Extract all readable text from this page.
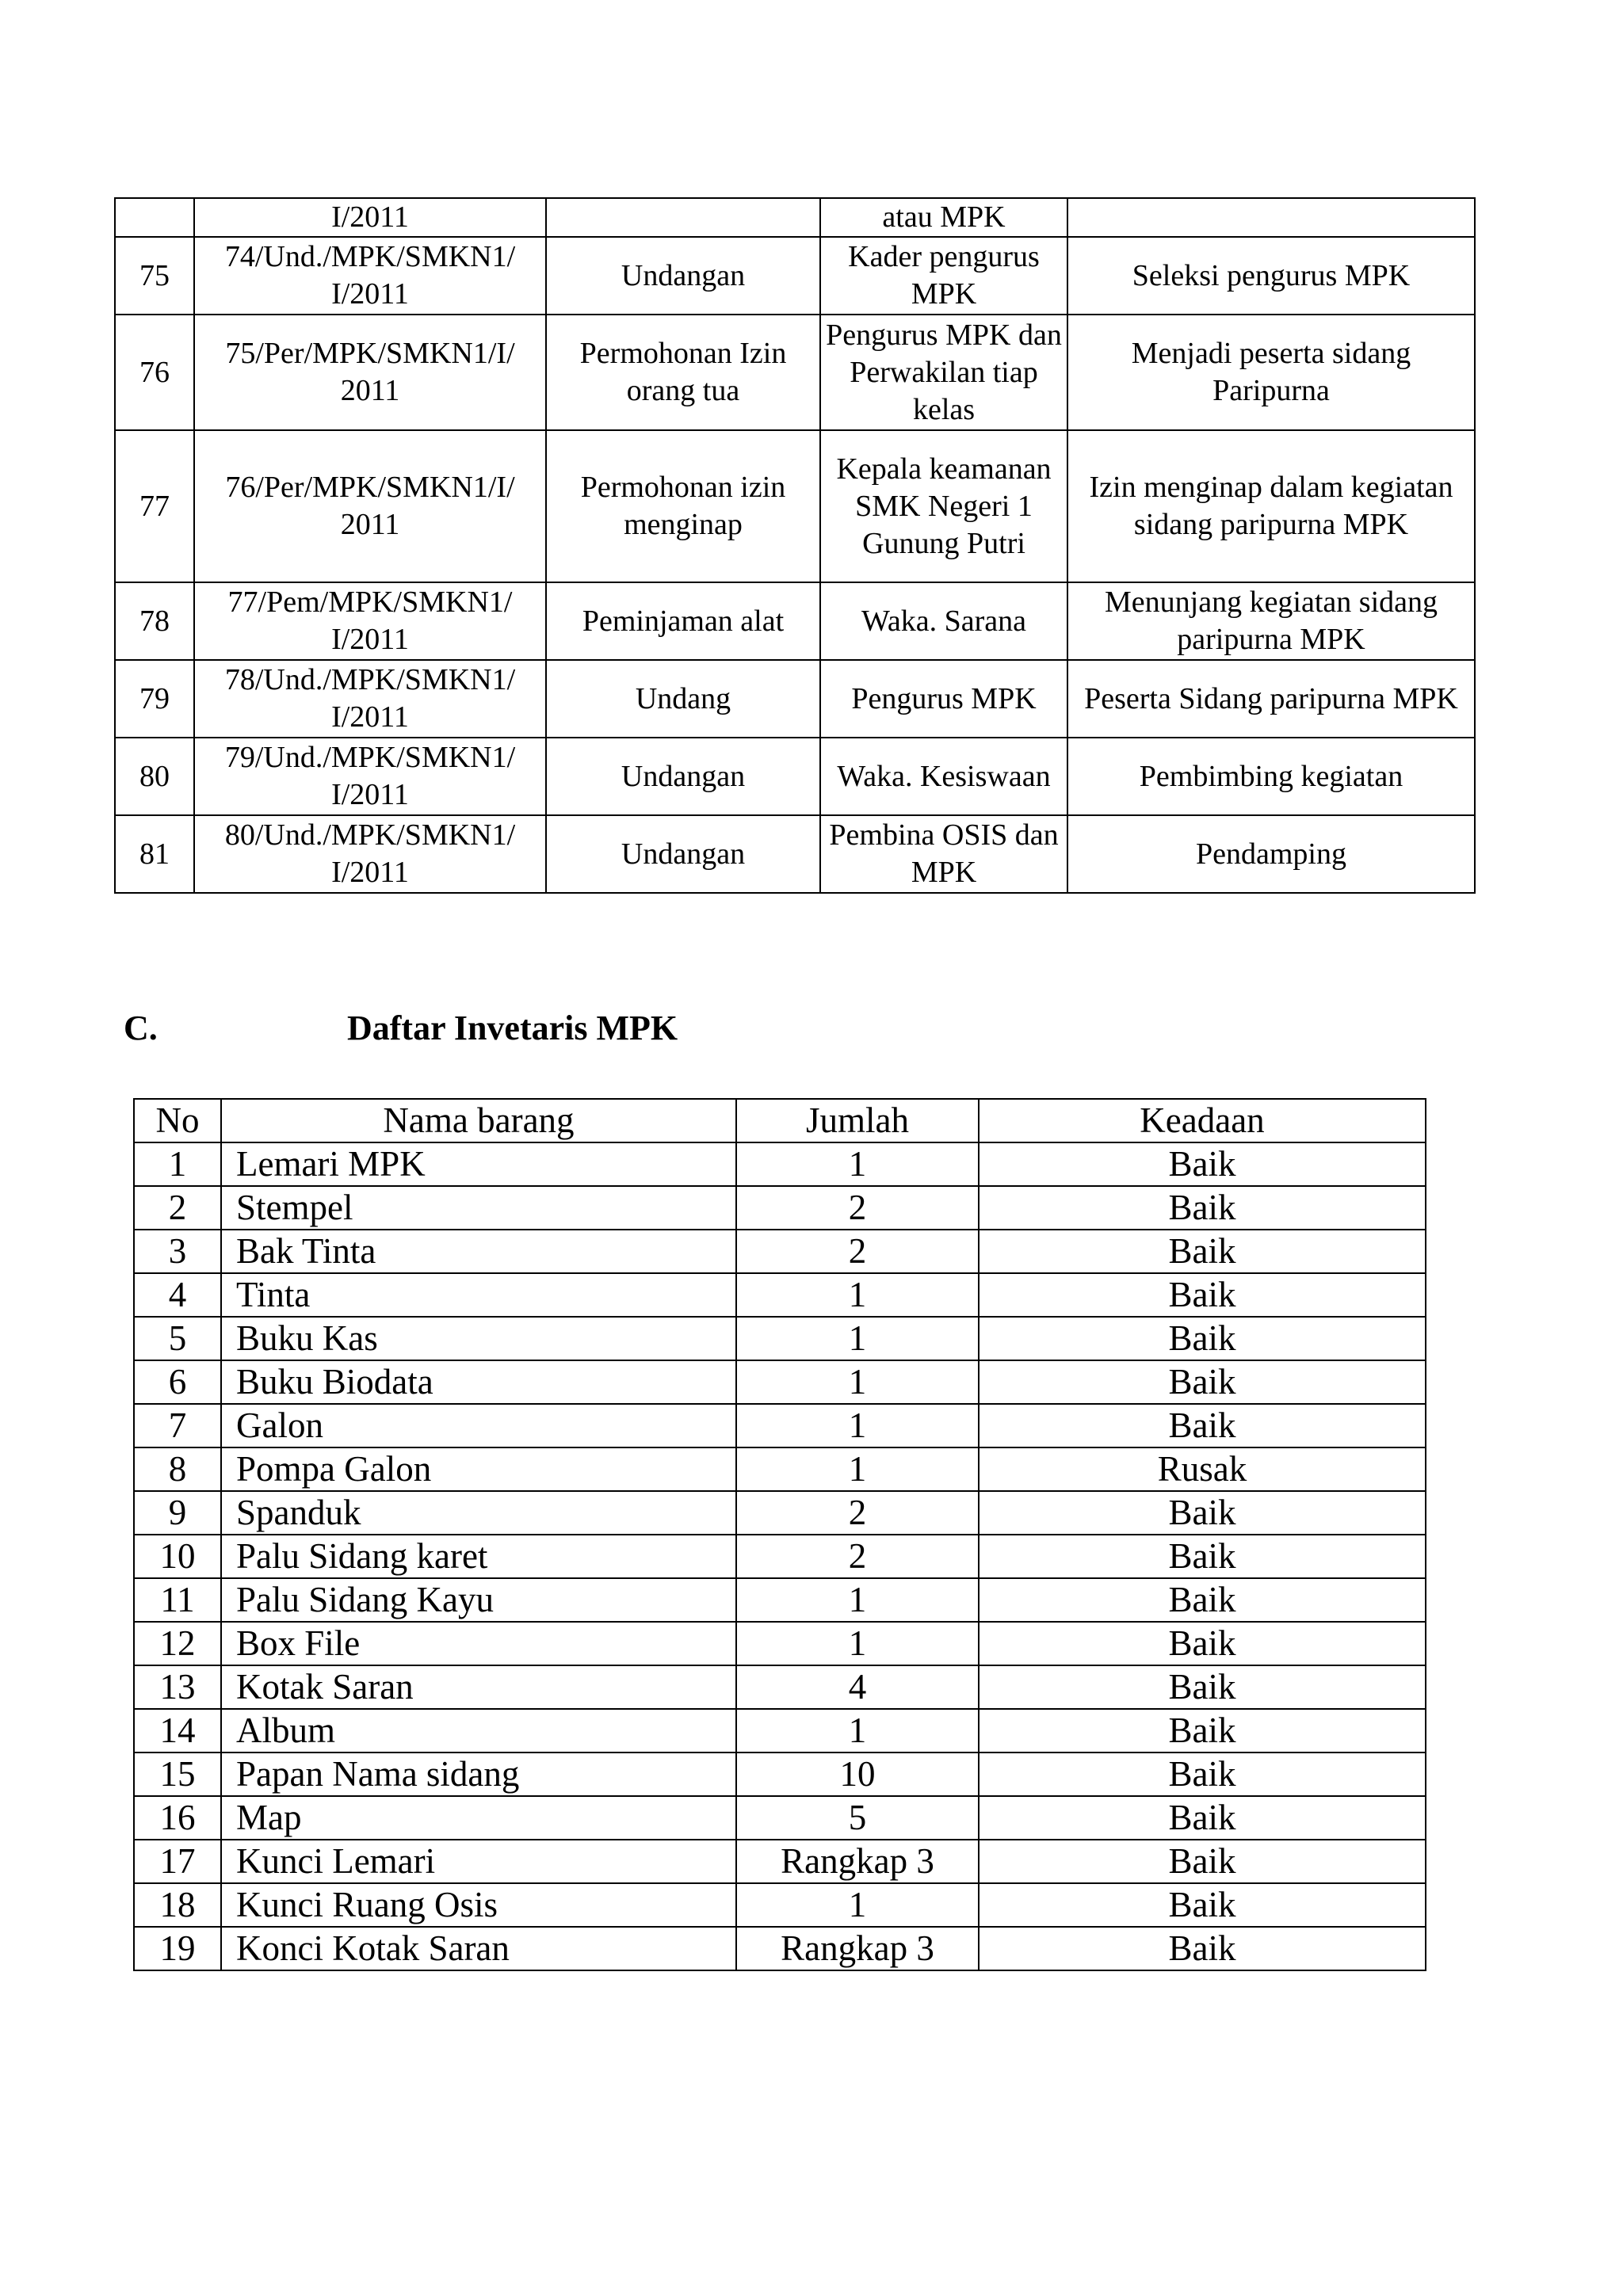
	I/2011		atau MPK	
75	74/Und./MPK/SMKN1/ I/2011	Undangan	Kader pengurus MPK	Seleksi pengurus MPK
76	75/Per/MPK/SMKN1/I/ 2011	Permohonan Izin orang tua	Pengurus MPK dan Perwakilan tiap kelas	Menjadi peserta sidang Paripurna
77	76/Per/MPK/SMKN1/I/ 2011	Permohonan izin menginap	Kepala keamanan SMK Negeri 1 Gunung Putri	Izin menginap dalam kegiatan sidang paripurna MPK
78	77/Pem/MPK/SMKN1/ I/2011	Peminjaman alat	Waka. Sarana	Menunjang kegiatan sidang paripurna MPK
79	78/Und./MPK/SMKN1/ I/2011	Undang	Pengurus MPK	Peserta Sidang paripurna MPK
80	79/Und./MPK/SMKN1/ I/2011	Undangan	Waka. Kesiswaan	Pembimbing kegiatan
81	80/Und./MPK/SMKN1/ I/2011	Undangan	Pembina OSIS dan MPK	Pendamping
C.	Daftar Invetaris MPK
No	Nama barang	Jumlah	Keadaan
1	Lemari MPK	1	Baik
2	Stempel	2	Baik
3	Bak Tinta	2	Baik
4	Tinta	1	Baik
5	Buku Kas	1	Baik
6	Buku Biodata	1	Baik
7	Galon	1	Baik
8	Pompa Galon	1	Rusak
9	Spanduk	2	Baik
10	Palu Sidang karet	2	Baik
11	Palu Sidang Kayu	1	Baik
12	Box File	1	Baik
13	Kotak Saran	4	Baik
14	Album	1	Baik
15	Papan Nama sidang	10	Baik
16	Map	5	Baik
17	Kunci Lemari	Rangkap 3	Baik
18	Kunci Ruang Osis	1	Baik
19	Konci Kotak Saran	Rangkap 3	Baik
